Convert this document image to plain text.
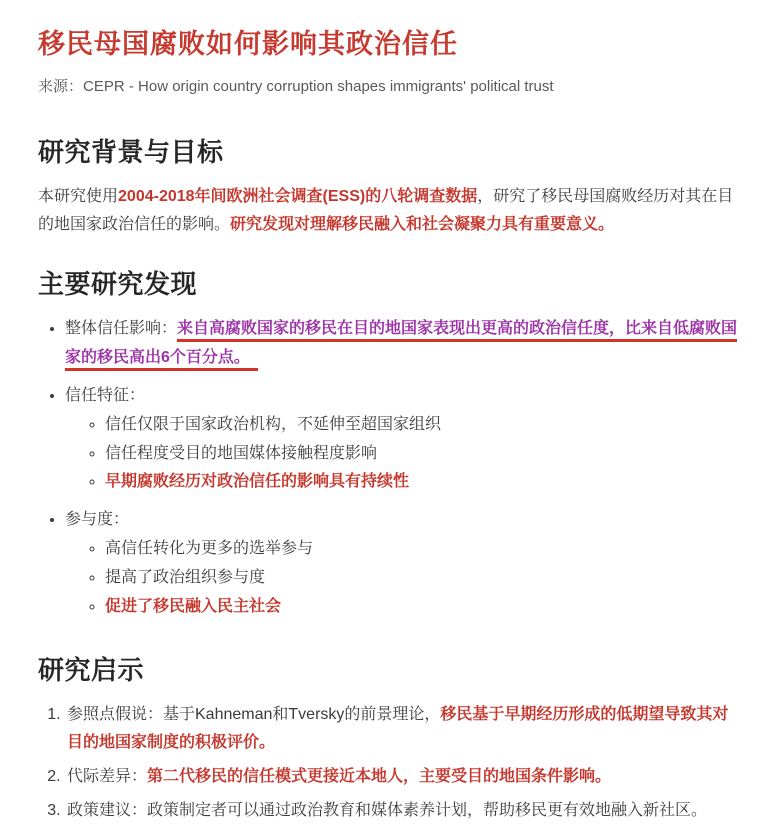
移民母国腐败如何影响其政治信任

来源：CEPR - How origin country corruption shapes immigrants' political trust

研究背景与目标

本研究使用2004-2018年间欧洲社会调查(ESS)的八轮调查数据，研究了移民母国腐败经历对其在目的地国家政治信任的影响。研究发现对理解移民融入和社会凝聚力具有重要意义。

主要研究发现
• 整体信任影响：来自高腐败国家的移民在目的地国家表现出更高的政治信任度，比来自低腐败国家的移民高出6个百分点。
• 信任特征：
◦ 信任仅限于国家政治机构，不延伸至超国家组织
◦ 信任程度受目的地国媒体接触程度影响
◦ 早期腐败经历对政治信任的影响具有持续性
• 参与度：
◦ 高信任转化为更多的选举参与
◦ 提高了政治组织参与度
◦ 促进了移民融入民主社会
研究启示
1. 参照点假说：基于Kahneman和Tversky的前景理论，移民基于早期经历形成的低期望导致其对目的地国家制度的积极评价。
2. 代际差异：第二代移民的信任模式更接近本地人，主要受目的地国条件影响。
3. 政策建议：政策制定者可以通过政治教育和媒体素养计划，帮助移民更有效地融入新社区。
